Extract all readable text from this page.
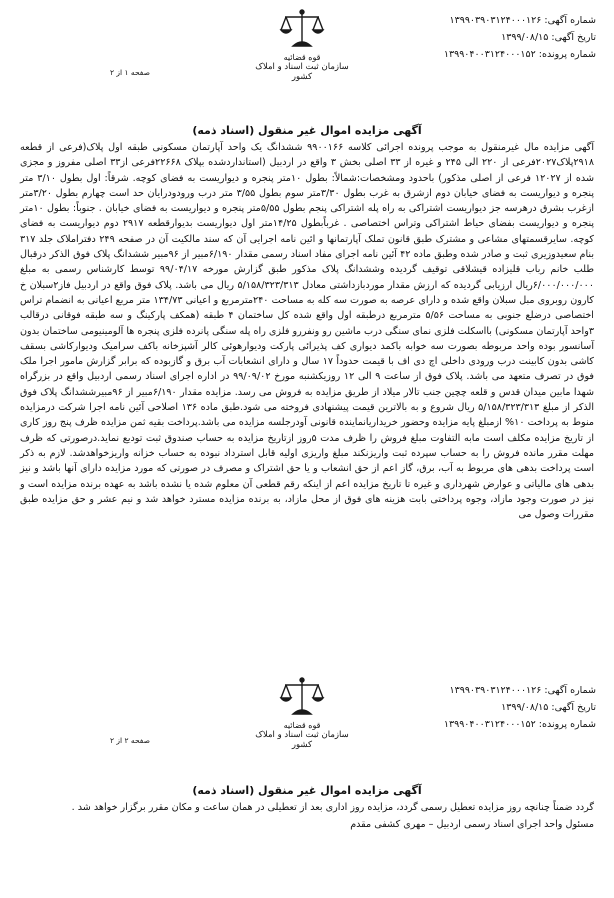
شماره آگهی: ۱۳۹۹۰۳۹۰۳۱۲۴۰۰۰۱۲۶
تاریخ آگهی: ۱۳۹۹/۰۸/۱۵
شماره پرونده: ۱۳۹۹۰۴۰۰۳۱۲۴۰۰۰۱۵۲
قوه قضائیه
سازمان ثبت اسناد و املاک کشور
صفحه ۱ از ۲
آگهی مزایده اموال غیر منقول (اسناد ذمه)

آگهی مزایده مال غیرمنقول به موجب پرونده اجرائی کلاسه ۹۹۰۰۱۶۶ ششدانگ یک واحد آپارتمان مسکونی طبقه اول پلاک(فرعی از قطعه ۲۹۱۸پلاک۲۰۲۷فرعی از ۲۲۰ الی ۲۴۵ و غیره از ۳۳ اصلی بخش ۳ واقع در اردبیل (استانداردشده بپلاک ۲۲۶۶۸فرعی از۳۳ اصلی مفروز و مجزی شده از ۱۲۰۲۷ فرعی از اصلی مذکور) باحدود ومشخصات:شمالاً: بطول ۱۰متر پنجره و دیواریست به فضای کوچه. شرقاً: اول بطول ۳/۱۰ متر پنجره و دیواریست به فضای خیابان دوم ازشرق به غرب بطول ۳/۳۰متر سوم بطول ۳/۵۵ متر درب ورودودرایان حد است چهارم بطول ۳/۲۰متر ازغرب بشرق درهرسه جز دیواریست اشتراکی به راه پله اشتراکی پنجم بطول ۵/۵۵متر پنجره و دیواریست به فضای خیابان . جنوباً: بطول ۱۰متر پنجره و دیواریست بفضای حیاط اشتراکی وتراس اختصاصی . غرباًبطول ۱۴/۲۵متر اول دیواریست بدیوارقطعه ۲۹۱۷ دوم دیواریست به فضای کوچه. سایرقسمتهای مشاعی و مشترک طبق قانون تملک آپارتمانها و ائین نامه اجرایی آن که سند مالکیت آن در صفحه ۲۴۹ دفتراملاک جلد ۳۱۷ بنام سعیدوزیری ثبت و صادر شده وطبق ماده ۴۲ آئین نامه اجرای مفاد اسناد رسمی مقدار ۶/۱۹۰مبیر از ۹۶مبیر ششدانگ پلاک فوق الذکر درقبال طلب خانم رباب قلیزاده قیشلاقی توقیف گردیده وششدانگ پلاک مذکور طبق گزارش مورخه ۹۹/۰۴/۱۷ توسط کارشناس رسمی به مبلغ ۶/۰۰۰/۰۰۰/۰۰۰ریال ارزیابی گردیده که ارزش مقدار موردبازداشتی معادل ۵/۱۵۸/۳۲۳/۳۱۳ ریال می باشد. پلاک فوق واقع در اردبیل فاز۲سبلان خ کارون روبروی مبل سبلان واقع شده و دارای عرصه به صورت سه کله به مساحت ۲۴۰مترمربع و اعیانی ۱۳۴/۷۳ متر مربع اعیانی به انضمام تراس اختصاصی درضلع جنوبی به مساحت ۵/۵۶ مترمربع درطبقه اول واقع شده کل ساختمان ۴ طبقه (همکف پارکینگ و سه طبقه فوقانی درقالب ۳واحد آپارتمان مسکونی) بااسکلت فلزی نمای سنگی درب ماشین رو ونفررو فلزی راه پله سنگی پانرده فلزی پنجره ها آلومینیومی ساختمان بدون آسانسور بوده واحد مربوطه بصورت سه خوابه باکمد دیواری کف پذیرائی پارکت ودیوارهوئی کالر آشپزخانه باکف سرامیک ودیوارکاشی بسقف کاشی بدون کابینت درب ورودی داخلی اچ دی اف با قیمت حدوداً ۱۷ سال و دارای انشعابات آب برق و گازبوده که برابر گزارش مامور اجرا ملک فوق در تصرف متعهد می باشد. پلاک فوق از ساعت ۹ الی ۱۲ روزیکشنبه مورخ ۹۹/۰۹/۰۲ در اداره اجرای اسناد رسمی اردبیل واقع در بزرگراه شهدا مابین میدان قدس و قلعه چچین جنب تالار میلاد از طریق مزایده به فروش می رسد. مزایده مقدار ۶/۱۹۰مبیر از ۹۶مبیرششدانگ پلاک فوق الذکر از مبلغ ۵/۱۵۸/۳۲۳/۳۱۳ ریال شروع و به بالاترین قیمت پیشنهادی فروخته می شود.طبق ماده ۱۳۶ اصلاحی آئین نامه اجرا شرکت درمزایده منوط به پرداخت ۱۰% ازمبلغ پایه مزایده وحضور خریداریانماینده قانونی آودرجلسه مزایده می باشد.پرداخت بقیه ثمن مزایده ظرف پنج روز کاری از تاریخ مزایده مکلف است مابه التفاوت مبلغ فروش را ظرف مدت ۵روز ازتاریخ مزایده به حساب صندوق ثبت تودیع نماید.درصورتی که ظرف مهلت مقرر مانده فروش را به حساب سپرده ثبت واریزنکند مبلغ واریزی اولیه قابل استرداد نبوده به حساب خزانه واریزخواهدشد. لازم به ذکر است پرداخت بدهی های مربوط به آب، برق، گاز اعم از حق انشعاب و یا حق اشتراک و مصرف در صورتی که مورد مزایده دارای آنها باشد و نیز بدهی های مالیاتی و عوارض شهرداری و غیره تا تاریخ مزایده اعم از اینکه رقم قطعی آن معلوم شده یا نشده باشد به عهده برنده مزایده است و نیز در صورت وجود مازاد، وجوه پرداختی بابت هزینه های فوق از محل مازاد، به برنده مزایده مسترد خواهد شد و نیم عشر و حق مزایده طبق مقررات وصول می

شماره آگهی: ۱۳۹۹۰۳۹۰۳۱۲۴۰۰۰۱۲۶
تاریخ آگهی: ۱۳۹۹/۰۸/۱۵
شماره پرونده: ۱۳۹۹۰۴۰۰۳۱۲۴۰۰۰۱۵۲
قوه قضائیه
سازمان ثبت اسناد و املاک کشور
صفحه ۲ از ۲
آگهی مزایده اموال غیر منقول (اسناد ذمه)

گردد ضمناً چنانچه روز مزایده تعطیل رسمی گردد، مزایده روز اداری بعد از تعطیلی در همان ساعت و مکان مقرر برگزار خواهد شد .

مسئول واحد اجرای اسناد رسمی اردبیل – مهری کشفی مقدم
